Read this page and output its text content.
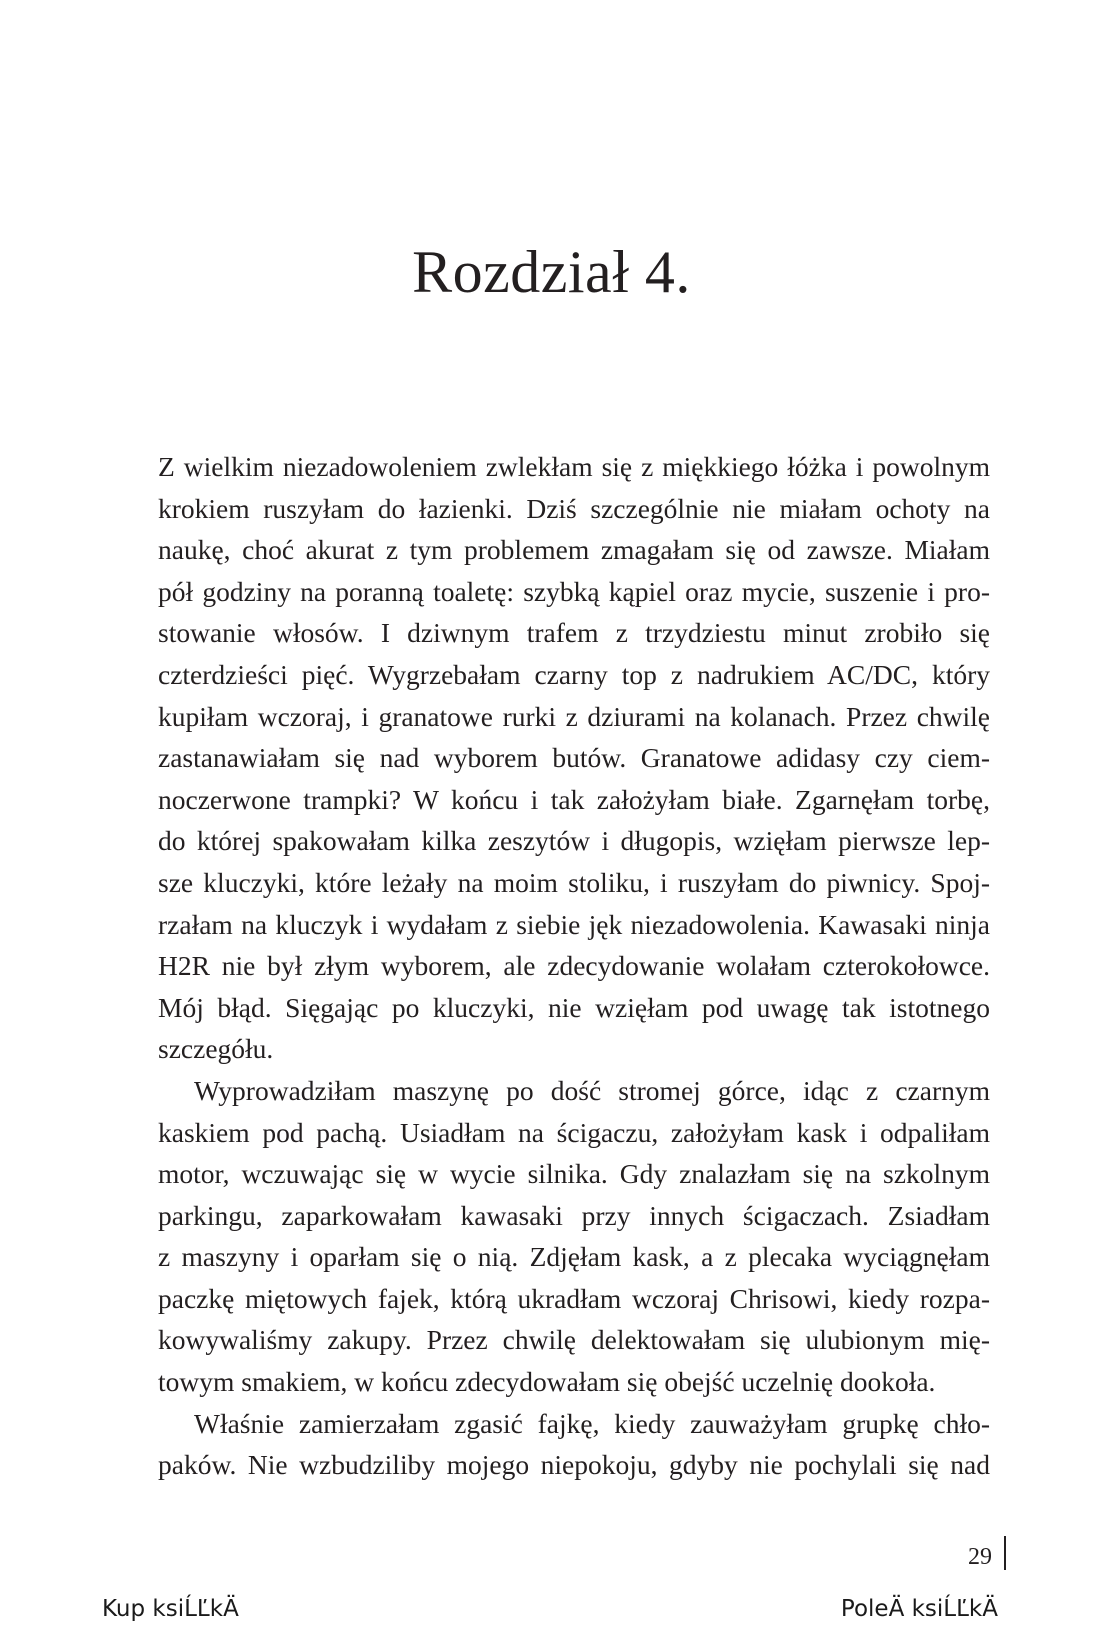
Rozdział 4.
Z wielkim niezadowoleniem zwlekłam się z miękkiego łóżka i powolnym
krokiem ruszyłam do łazienki. Dziś szczególnie nie miałam ochoty na
naukę, choć akurat z tym problemem zmagałam się od zawsze. Miałam
pół godziny na poranną toaletę: szybką kąpiel oraz mycie, suszenie i pro-
stowanie włosów. I dziwnym trafem z trzydziestu minut zrobiło się
czterdzieści pięć. Wygrzebałam czarny top z nadrukiem AC/DC, który
kupiłam wczoraj, i granatowe rurki z dziurami na kolanach. Przez chwilę
zastanawiałam się nad wyborem butów. Granatowe adidasy czy ciem-
noczerwone trampki? W końcu i tak założyłam białe. Zgarnęłam torbę,
do której spakowałam kilka zeszytów i długopis, wzięłam pierwsze lep-
sze kluczyki, które leżały na moim stoliku, i ruszyłam do piwnicy. Spoj-
rzałam na kluczyk i wydałam z siebie jęk niezadowolenia. Kawasaki ninja
H2R nie był złym wyborem, ale zdecydowanie wolałam czterokołowce.
Mój błąd. Sięgając po kluczyki, nie wzięłam pod uwagę tak istotnego
szczegółu.
Wyprowadziłam maszynę po dość stromej górce, idąc z czarnym
kaskiem pod pachą. Usiadłam na ścigaczu, założyłam kask i odpaliłam
motor, wczuwając się w wycie silnika. Gdy znalazłam się na szkolnym
parkingu, zaparkowałam kawasaki przy innych ścigaczach. Zsiadłam
z maszyny i oparłam się o nią. Zdjęłam kask, a z plecaka wyciągnęłam
paczkę miętowych fajek, którą ukradłam wczoraj Chrisowi, kiedy rozpa-
kowywaliśmy zakupy. Przez chwilę delektowałam się ulubionym mię-
towym smakiem, w końcu zdecydowałam się obejść uczelnię dookoła.
Właśnie zamierzałam zgasić fajkę, kiedy zauważyłam grupkę chło-
paków. Nie wzbudziliby mojego niepokoju, gdyby nie pochylali się nad
29
Kup ksiĹĽkÄ	PoleÄ ksiĹĽkÄ
